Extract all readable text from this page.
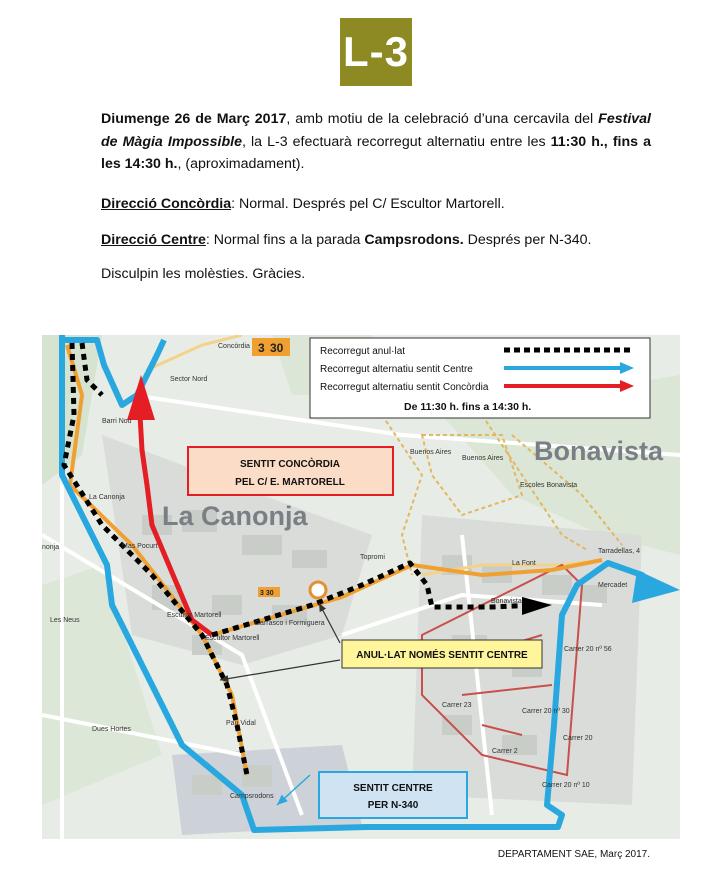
L-3
Diumenge 26 de Març 2017, amb motiu de la celebració d’una cercavila del Festival de Màgia Impossible, la L-3 efectuarà recorregut alternatiu entre les 11:30 h., fins a les 14:30 h., (aproximadament).
Direcció Concòrdia: Normal. Després pel C/ Escultor Martorell.
Direcció Centre: Normal fins a la parada Campsrodons. Després per N-340.
Disculpin les molèsties. Gràcies.
3 30
3 30
La Canonja
Bonavista
Concòrdia
Sector Nord
Barri Nou
La Canonja
nonja	Mas Pocurt
Les Neus
Escultor Martorell
Escultor Martorell
Carrasco i Formiguera
Dues Hortes
Pau Vidal
Campsrodons
Topromi
Buenos Aires
Buenos Aires
Escoles Bonavista
La Font
Bonavista
Mercadet
Tarradellas, 4
Carrer 20 nº 56
Carrer 20 nº 30
Carrer 20
Carrer 20 nº 10
Carrer 23
Carrer 2
Recorregut anul·lat
Recorregut alternatiu sentit Centre
Recorregut alternatiu sentit Concòrdia
De 11:30 h. fins a 14:30 h.
SENTIT CONCÒRDIA
PEL C/ E. MARTORELL
ANUL·LAT NOMÉS SENTIT CENTRE
SENTIT CENTRE
PER N-340
DEPARTAMENT SAE, Març 2017.
